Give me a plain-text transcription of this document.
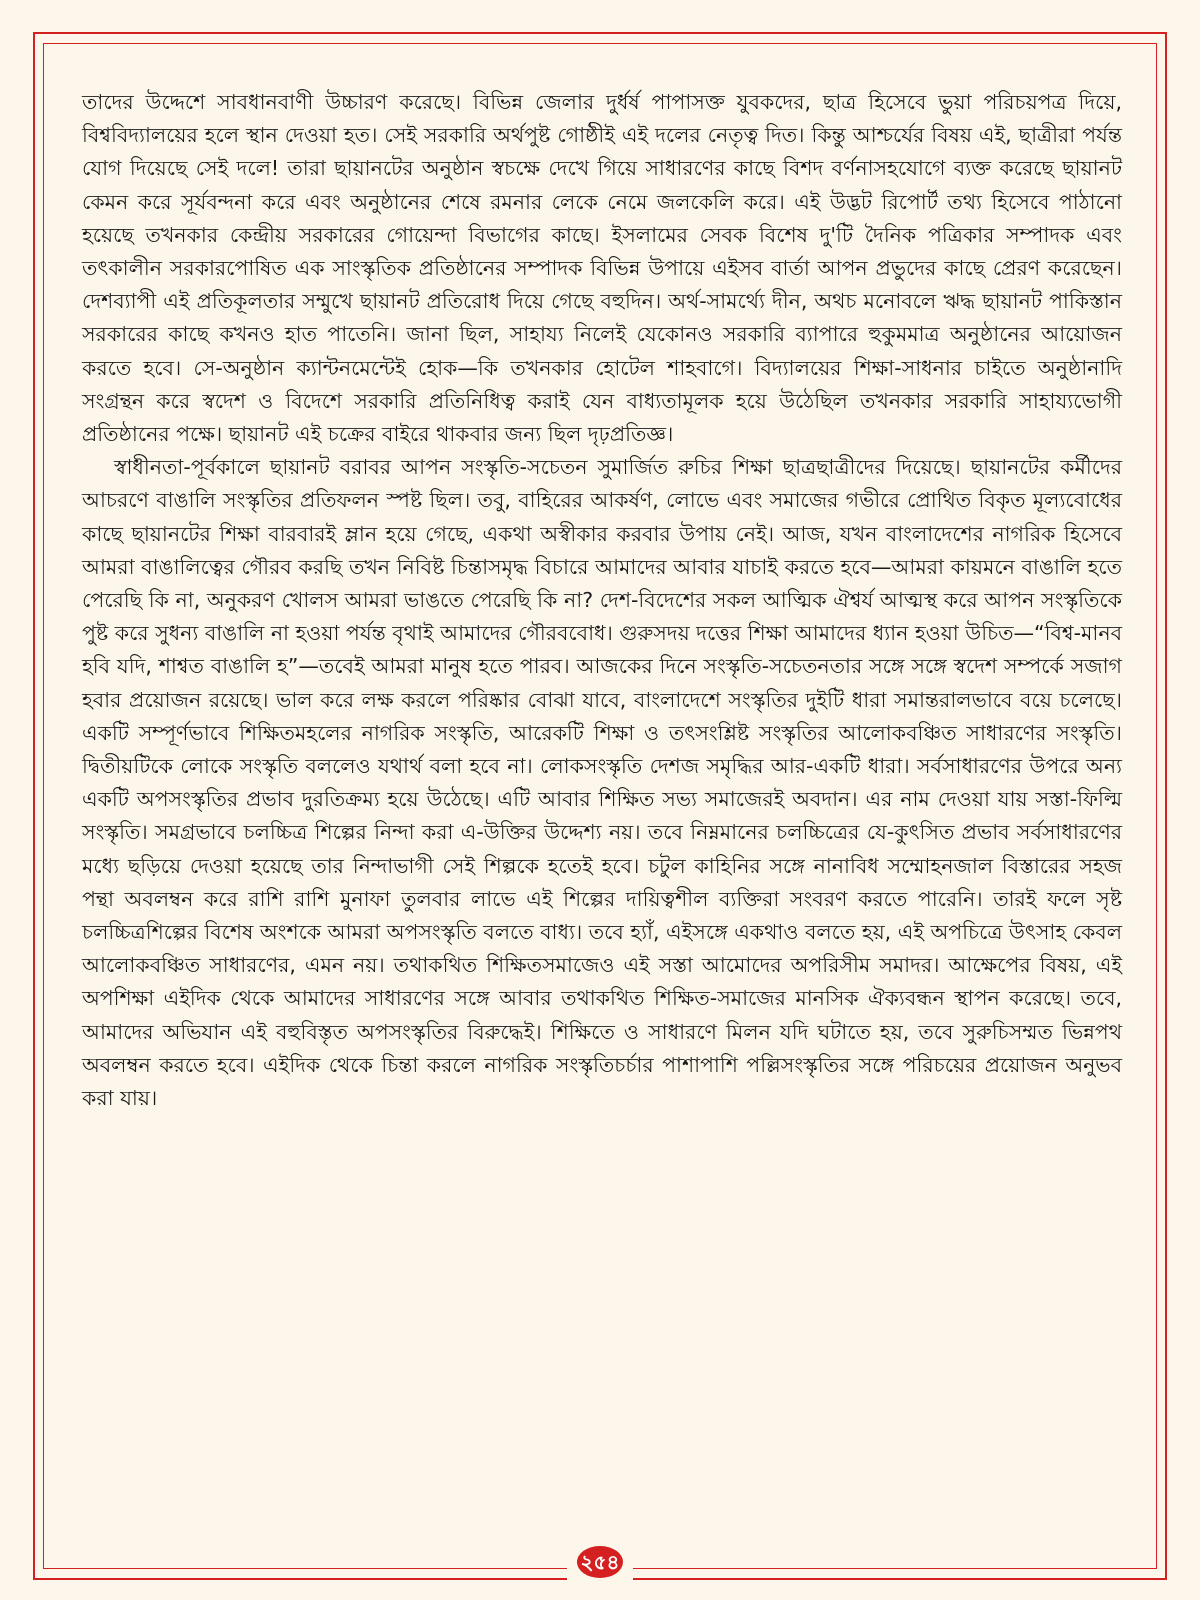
তাদের উদ্দেশে সাবধানবাণী উচ্চারণ করেছে। বিভিন্ন জেলার দুর্ধর্ষ পাপাসক্ত যুবকদের, ছাত্র হিসেবে ভুয়া পরিচয়পত্র দিয়ে, বিশ্ববিদ্যালয়ের হলে স্থান দেওয়া হত। সেই সরকারি অর্থপুষ্ট গোষ্ঠীই এই দলের নেতৃত্ব দিত। কিন্তু আশ্চর্যের বিষয় এই, ছাত্রীরা পর্যন্ত যোগ দিয়েছে সেই দলে! তারা ছায়ানটের অনুষ্ঠান স্বচক্ষে দেখে গিয়ে সাধারণের কাছে বিশদ বর্ণনাসহযোগে ব্যক্ত করেছে ছায়ানট কেমন করে সূর্যবন্দনা করে এবং অনুষ্ঠানের শেষে রমনার লেকে নেমে জলকেলি করে। এই উদ্ভট রিপোর্ট তথ্য হিসেবে পাঠানো হয়েছে তখনকার কেন্দ্রীয় সরকারের গোয়েন্দা বিভাগের কাছে। ইসলামের সেবক বিশেষ দু'টি দৈনিক পত্রিকার সম্পাদক এবং তৎকালীন সরকারপোষিত এক সাংস্কৃতিক প্রতিষ্ঠানের সম্পাদক বিভিন্ন উপায়ে এইসব বার্তা আপন প্রভুদের কাছে প্রেরণ করেছেন। দেশব্যাপী এই প্রতিকূলতার সম্মুখে ছায়ানট প্রতিরোধ দিয়ে গেছে বহুদিন। অর্থ-সামর্থ্যে দীন, অথচ মনোবলে ঋদ্ধ ছায়ানট পাকিস্তান সরকারের কাছে কখনও হাত পাতেনি। জানা ছিল, সাহায্য নিলেই যেকোনও সরকারি ব্যাপারে হুকুমমাত্র অনুষ্ঠানের আয়োজন করতে হবে। সে-অনুষ্ঠান ক্যান্টনমেন্টেই হোক—কি তখনকার হোটেল শাহবাগে। বিদ্যালয়ের শিক্ষা-সাধনার চাইতে অনুষ্ঠানাদি সংগ্রন্থন করে স্বদেশ ও বিদেশে সরকারি প্রতিনিধিত্ব করাই যেন বাধ্যতামূলক হয়ে উঠেছিল তখনকার সরকারি সাহায্যভোগী প্রতিষ্ঠানের পক্ষে। ছায়ানট এই চক্রের বাইরে থাকবার জন্য ছিল দৃঢ়প্রতিজ্ঞ।

স্বাধীনতা-পূর্বকালে ছায়ানট বরাবর আপন সংস্কৃতি-সচেতন সুমার্জিত রুচির শিক্ষা ছাত্রছাত্রীদের দিয়েছে। ছায়ানটের কর্মীদের আচরণে বাঙালি সংস্কৃতির প্রতিফলন স্পষ্ট ছিল। তবু, বাহিরের আকর্ষণ, লোভে এবং সমাজের গভীরে প্রোথিত বিকৃত মূল্যবোধের কাছে ছায়ানটের শিক্ষা বারবারই ম্লান হয়ে গেছে, একথা অস্বীকার করবার উপায় নেই। আজ, যখন বাংলাদেশের নাগরিক হিসেবে আমরা বাঙালিত্বের গৌরব করছি তখন নিবিষ্ট চিন্তাসমৃদ্ধ বিচারে আমাদের আবার যাচাই করতে হবে—আমরা কায়মনে বাঙালি হতে পেরেছি কি না, অনুকরণ খোলস আমরা ভাঙতে পেরেছি কি না? দেশ-বিদেশের সকল আত্মিক ঐশ্বর্য আত্মস্থ করে আপন সংস্কৃতিকে পুষ্ট করে সুধন্য বাঙালি না হওয়া পর্যন্ত বৃথাই আমাদের গৌরববোধ। গুরুসদয় দত্তের শিক্ষা আমাদের ধ্যান হওয়া উচিত—“বিশ্ব-মানব হবি যদি, শাশ্বত বাঙালি হ”—তবেই আমরা মানুষ হতে পারব। আজকের দিনে সংস্কৃতি-সচেতনতার সঙ্গে সঙ্গে স্বদেশ সম্পর্কে সজাগ হবার প্রয়োজন রয়েছে। ভাল করে লক্ষ করলে পরিষ্কার বোঝা যাবে, বাংলাদেশে সংস্কৃতির দুইটি ধারা সমান্তরালভাবে বয়ে চলেছে। একটি সম্পূর্ণভাবে শিক্ষিতমহলের নাগরিক সংস্কৃতি, আরেকটি শিক্ষা ও তৎসংশ্লিষ্ট সংস্কৃতির আলোকবঞ্চিত সাধারণের সংস্কৃতি। দ্বিতীয়টিকে লোকে সংস্কৃতি বললেও যথার্থ বলা হবে না। লোকসংস্কৃতি দেশজ সমৃদ্ধির আর-একটি ধারা। সর্বসাধারণের উপরে অন্য একটি অপসংস্কৃতির প্রভাব দুরতিক্রম্য হয়ে উঠেছে। এটি আবার শিক্ষিত সভ্য সমাজেরই অবদান। এর নাম দেওয়া যায় সস্তা-ফিল্মি সংস্কৃতি। সমগ্রভাবে চলচ্চিত্র শিল্পের নিন্দা করা এ-উক্তির উদ্দেশ্য নয়। তবে নিম্নমানের চলচ্চিত্রের যে-কুৎসিত প্রভাব সর্বসাধারণের মধ্যে ছড়িয়ে দেওয়া হয়েছে তার নিন্দাভাগী সেই শিল্পকে হতেই হবে। চটুল কাহিনির সঙ্গে নানাবিধ সম্মোহনজাল বিস্তারের সহজ পন্থা অবলম্বন করে রাশি রাশি মুনাফা তুলবার লাভে এই শিল্পের দায়িত্বশীল ব্যক্তিরা সংবরণ করতে পারেনি। তারই ফলে সৃষ্ট চলচ্চিত্রশিল্পের বিশেষ অংশকে আমরা অপসংস্কৃতি বলতে বাধ্য। তবে হ্যাঁ, এইসঙ্গে একথাও বলতে হয়, এই অপচিত্রে উৎসাহ কেবল আলোকবঞ্চিত সাধারণের, এমন নয়। তথাকথিত শিক্ষিতসমাজেও এই সস্তা আমোদের অপরিসীম সমাদর। আক্ষেপের বিষয়, এই অপশিক্ষা এইদিক থেকে আমাদের সাধারণের সঙ্গে আবার তথাকথিত শিক্ষিত-সমাজের মানসিক ঐক্যবন্ধন স্থাপন করেছে। তবে, আমাদের অভিযান এই বহুবিস্তৃত অপসংস্কৃতির বিরুদ্ধেই। শিক্ষিতে ও সাধারণে মিলন যদি ঘটাতে হয়, তবে সুরুচিসম্মত ভিন্নপথ অবলম্বন করতে হবে। এইদিক থেকে চিন্তা করলে নাগরিক সংস্কৃতিচর্চার পাশাপাশি পল্লিসংস্কৃতির সঙ্গে পরিচয়ের প্রয়োজন অনুভব করা যায়।

২৫৪
